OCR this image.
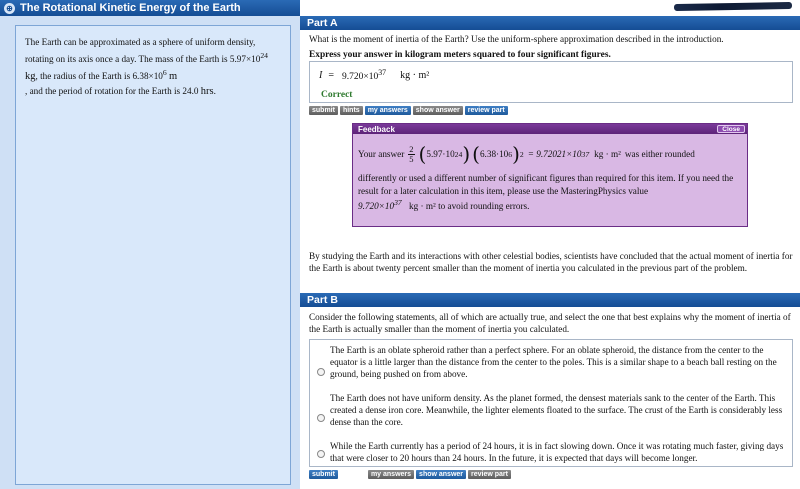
⊕ The Rotational Kinetic Energy of the Earth
The Earth can be approximated as a sphere of uniform density, rotating on its axis once a day. The mass of the Earth is $5.97\times 10^{24}$ kg, the radius of the Earth is $6.38\times 10^6$ m
, and the period of rotation for the Earth is 24.0 hrs.
Part A
What is the moment of inertia of the Earth? Use the uniform-sphere approximation described in the introduction.
Express your answer in kilogram meters squared to four significant figures.
$I = 9.720\times 10^{37}$ kg · m²
Correct
submit	hints	my answers	show answer	review part
Feedback	Close
Your answer $\frac{2}{5}$ ( 5.97·10 24 ) ( 6.38·10 6 ) 2 = 9.72021×10 37 kg · m² was either rounded
differently or used a different number of significant figures than required for this item. If you need the result for a later calculation in this item, please use the MasteringPhysics value
$9.720\times 10^{37}$ kg · m² to avoid rounding errors.
By studying the Earth and its interactions with other celestial bodies, scientists have concluded that the actual moment of inertia for the Earth is about twenty percent smaller than the moment of inertia you calculated in the previous part of the problem.
Part B
Consider the following statements, all of which are actually true, and select the one that best explains why the moment of inertia of the Earth is actually smaller than the moment of inertia you calculated.
The Earth is an oblate spheroid rather than a perfect sphere. For an oblate spheroid, the distance from the center to the equator is a little larger than the distance from the center to the poles. This is a similar shape to a beach ball resting on the ground, being pushed on from above.
The Earth does not have uniform density. As the planet formed, the densest materials sank to the center of the Earth. This created a dense iron core. Meanwhile, the lighter elements floated to the surface. The crust of the Earth is considerably less dense than the core.
While the Earth currently has a period of 24 hours, it is in fact slowing down. Once it was rotating much faster, giving days that were closer to 20 hours than 24 hours. In the future, it is expected that days will become longer.
submit	my answers	show answer	review part
